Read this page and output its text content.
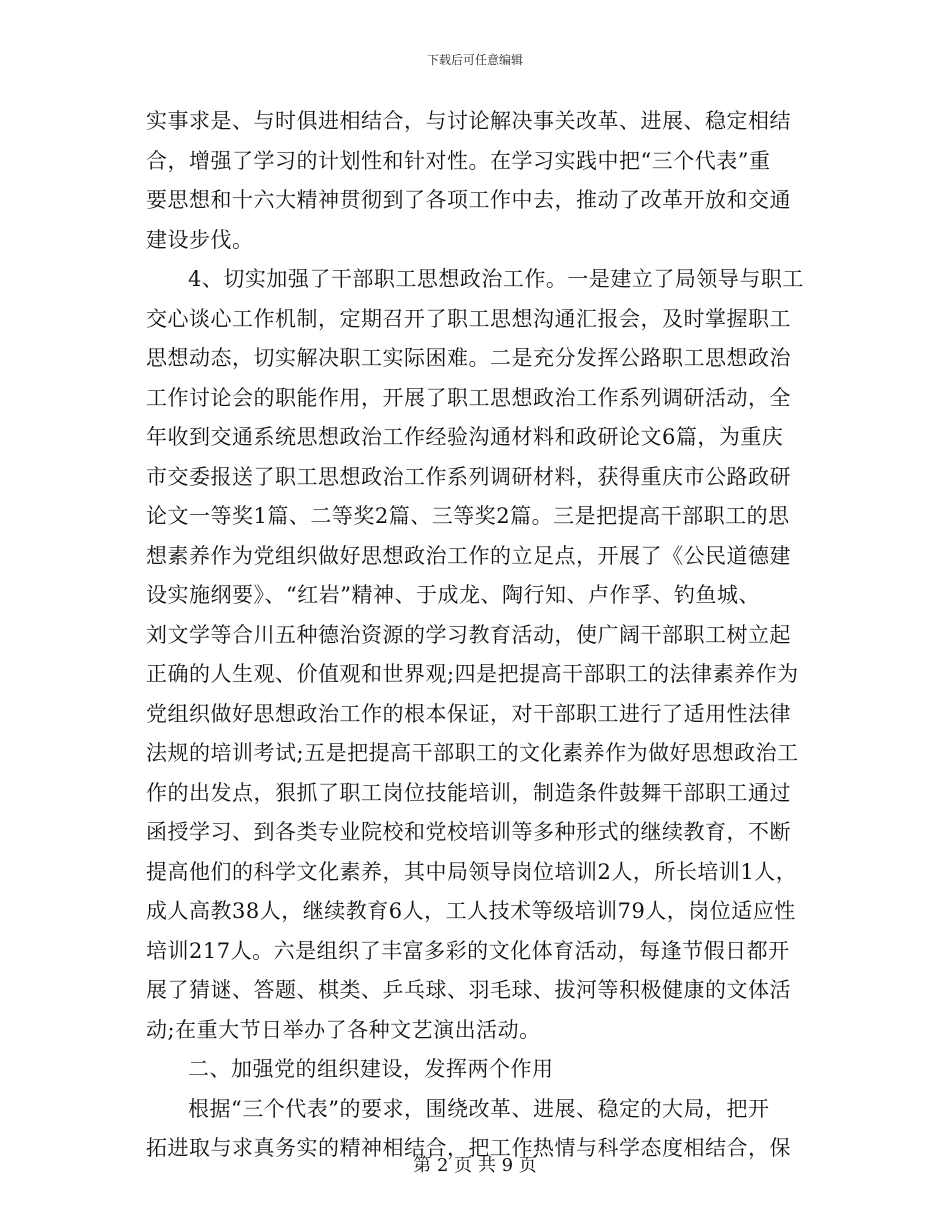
下载后可任意编辑
实事求是、与时俱进相结合，与讨论解决事关改革、进展、稳定相结
合，增强了学习的计划性和针对性。在学习实践中把“三个代表”重
要思想和十六大精神贯彻到了各项工作中去，推动了改革开放和交通
建设步伐。
4、切实加强了干部职工思想政治工作。一是建立了局领导与职工
交心谈心工作机制，定期召开了职工思想沟通汇报会，及时掌握职工
思想动态，切实解决职工实际困难。二是充分发挥公路职工思想政治
工作讨论会的职能作用，开展了职工思想政治工作系列调研活动，全
年收到交通系统思想政治工作经验沟通材料和政研论文6篇，为重庆
市交委报送了职工思想政治工作系列调研材料，获得重庆市公路政研
论文一等奖1篇、二等奖2篇、三等奖2篇。三是把提高干部职工的思
想素养作为党组织做好思想政治工作的立足点，开展了《公民道德建
设实施纲要》、“红岩”精神、于成龙、陶行知、卢作孚、钓鱼城、
刘文学等合川五种德治资源的学习教育活动，使广阔干部职工树立起
正确的人生观、价值观和世界观;四是把提高干部职工的法律素养作为
党组织做好思想政治工作的根本保证，对干部职工进行了适用性法律
法规的培训考试;五是把提高干部职工的文化素养作为做好思想政治工
作的出发点，狠抓了职工岗位技能培训，制造条件鼓舞干部职工通过
函授学习、到各类专业院校和党校培训等多种形式的继续教育，不断
提高他们的科学文化素养，其中局领导岗位培训2人，所长培训1人，
成人高教38人，继续教育6人，工人技术等级培训79人，岗位适应性
培训217人。六是组织了丰富多彩的文化体育活动，每逢节假日都开
展了猜谜、答题、棋类、乒乓球、羽毛球、拔河等积极健康的文体活
动;在重大节日举办了各种文艺演出活动。
二、加强党的组织建设，发挥两个作用
根据“三个代表”的要求，围绕改革、进展、稳定的大局，把开
拓进取与求真务实的精神相结合，把工作热情与科学态度相结合，保
第 2 页 共 9 页
